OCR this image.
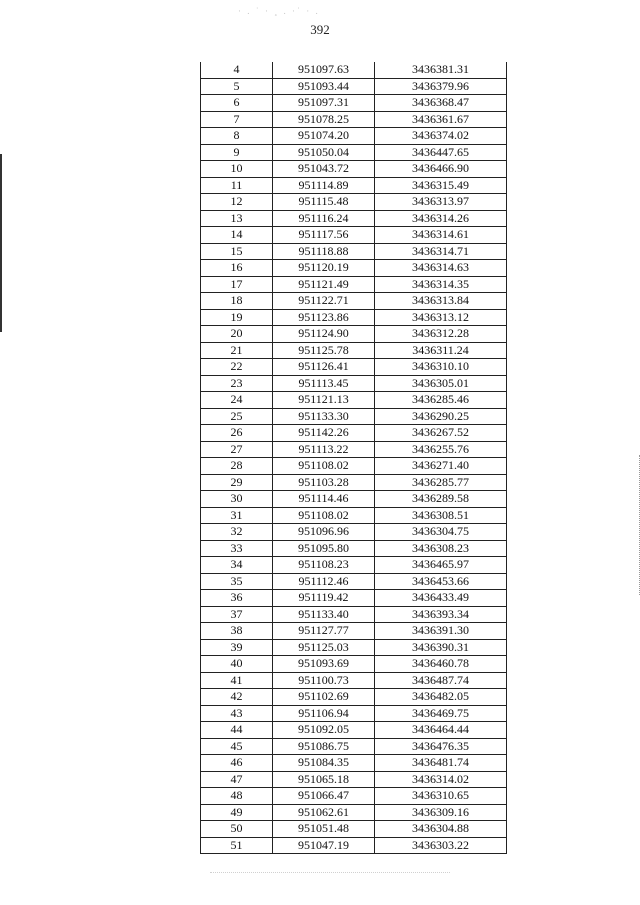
· . ˙ · ¸ . ·˙ · .
392
4	951097.63	3436381.31
5	951093.44	3436379.96
6	951097.31	3436368.47
7	951078.25	3436361.67
8	951074.20	3436374.02
9	951050.04	3436447.65
10	951043.72	3436466.90
11	951114.89	3436315.49
12	951115.48	3436313.97
13	951116.24	3436314.26
14	951117.56	3436314.61
15	951118.88	3436314.71
16	951120.19	3436314.63
17	951121.49	3436314.35
18	951122.71	3436313.84
19	951123.86	3436313.12
20	951124.90	3436312.28
21	951125.78	3436311.24
22	951126.41	3436310.10
23	951113.45	3436305.01
24	951121.13	3436285.46
25	951133.30	3436290.25
26	951142.26	3436267.52
27	951113.22	3436255.76
28	951108.02	3436271.40
29	951103.28	3436285.77
30	951114.46	3436289.58
31	951108.02	3436308.51
32	951096.96	3436304.75
33	951095.80	3436308.23
34	951108.23	3436465.97
35	951112.46	3436453.66
36	951119.42	3436433.49
37	951133.40	3436393.34
38	951127.77	3436391.30
39	951125.03	3436390.31
40	951093.69	3436460.78
41	951100.73	3436487.74
42	951102.69	3436482.05
43	951106.94	3436469.75
44	951092.05	3436464.44
45	951086.75	3436476.35
46	951084.35	3436481.74
47	951065.18	3436314.02
48	951066.47	3436310.65
49	951062.61	3436309.16
50	951051.48	3436304.88
51	951047.19	3436303.22
